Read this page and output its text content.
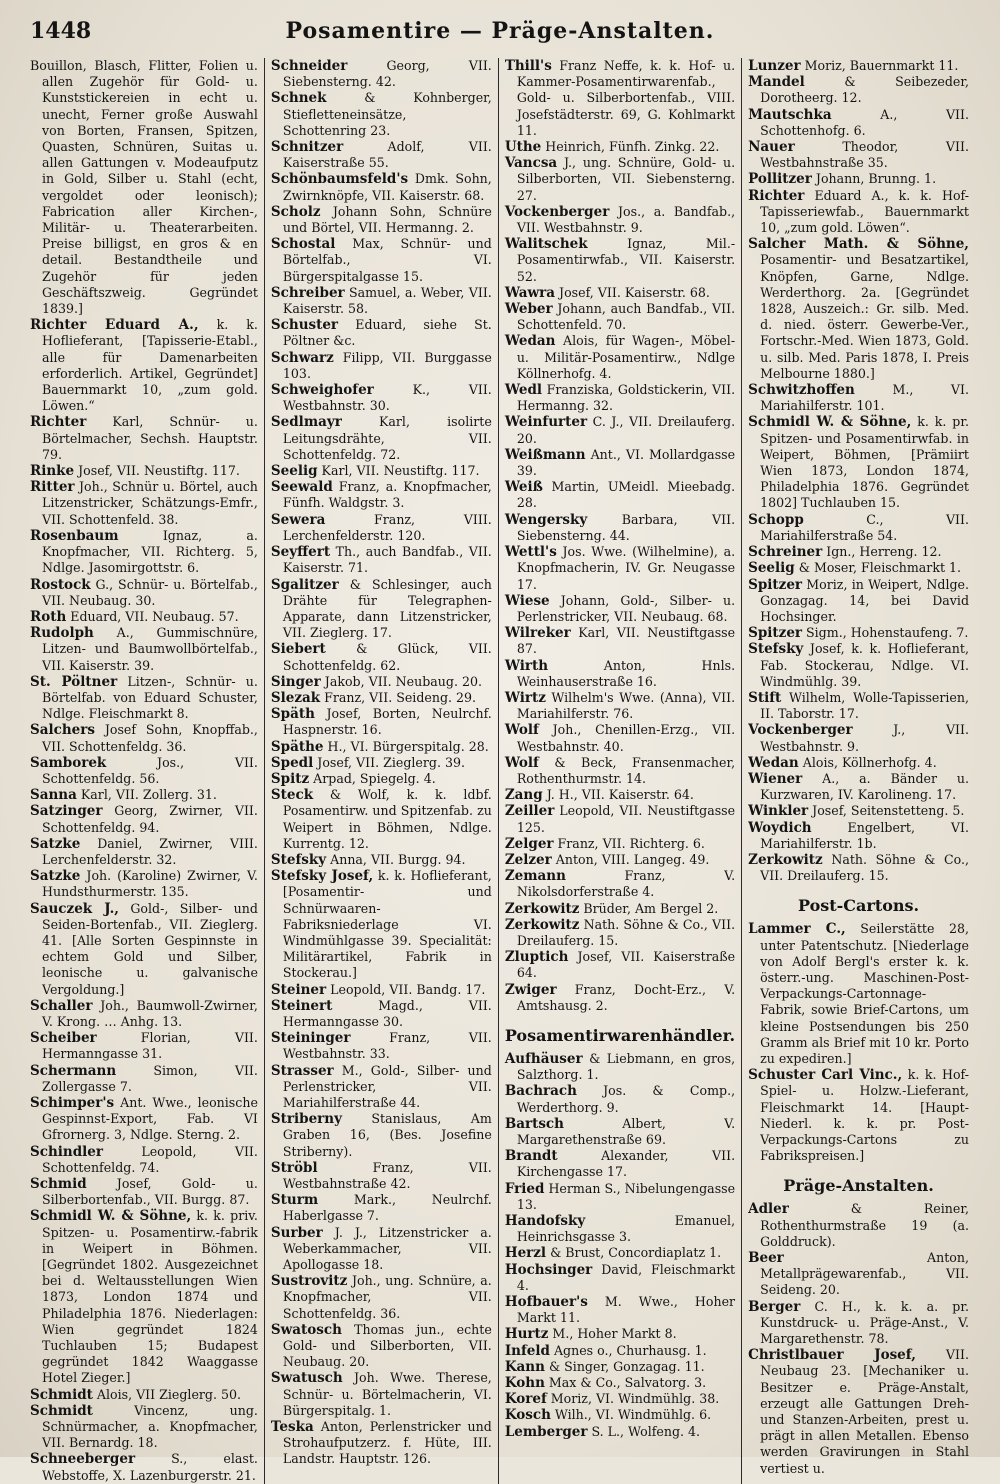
1448	Posamentire — Präge-Anstalten.

Bouillon, Blasch, Flitter, Folien u. allen Zugehör für Gold- u. Kunststickereien in echt u. unecht, Ferner große Auswahl von Borten, Fransen, Spitzen, Quasten, Schnüren, Suitas u. allen Gattungen v. Modeaufputz in Gold, Silber u. Stahl (echt, vergoldet oder leonisch); Fabrication aller Kirchen-, Militär- u. Theaterarbeiten. Preise billigst, en gros & en detail. Bestandtheile und Zugehör für jeden Geschäftszweig. Gegründet 1839.]

Richter Eduard A., k. k. Hoflieferant, [Tapisserie-Etabl., alle für Damenarbeiten erforderlich. Artikel, Gegründet] Bauernmarkt 10, „zum gold. Löwen.“

Richter Karl, Schnür- u. Börtelmacher, Sechsh. Hauptstr. 79.

Rinke Josef, VII. Neustiftg. 117.

Ritter Joh., Schnür u. Börtel, auch Litzenstricker, Schätzungs-Emfr., VII. Schottenfeld. 38.

Rosenbaum	Ignaz, a. Knopfmacher, VII. Richterg. 5, Ndlge. Jasomirgottstr. 6.

Rostock G., Schnür- u. Börtelfab., VII. Neubaug. 30.

Roth Eduard, VII. Neubaug. 57.

Rudolph A., Gummischnüre, Litzen- und Baumwollbörtelfab., VII. Kaiserstr. 39.

St. Pöltner Litzen-, Schnür- u. Börtelfab. von Eduard Schuster, Ndlge. Fleischmarkt 8.

Salchers Josef Sohn, Knopffab., VII. Schottenfeldg. 36.

Samborek	Jos., VII. Schottenfeldg. 56.

Sanna Karl, VII. Zollerg. 31.

Satzinger Georg, Zwirner, VII. Schottenfeldg. 94.

Satzke Daniel, Zwirner, VIII. Lerchenfelderstr. 32.

Satzke Joh. (Karoline) Zwirner, V. Hundsthurmerstr. 135.

Sauczek J., Gold-, Silber- und Seiden-Bortenfab., VII. Zieglerg. 41. [Alle Sorten Gespinnste in echtem Gold und Silber, leonische u. galvanische Vergoldung.]

Schaller Joh., Baumwoll-Zwirner, V. Krong. … Anhg. 13.

Scheiber	Florian, VII. Hermanngasse 31.

Schermann	Simon, VII. Zollergasse 7.

Schimper's Ant. Wwe., leonische Gespinnst-Export, Fab. VI Gfrornerg. 3, Ndlge. Sterng. 2.

Schindler	Leopold, VII. Schottenfeldg. 74.

Schmid Josef, Gold- u. Silberbortenfab., VII. Burgg. 87.

Schmidl W. & Söhne, k. k. priv. Spitzen- u. Posamentirw.-fabrik in Weipert in Böhmen. [Gegründet 1802. Ausgezeichnet bei d. Weltausstellungen Wien 1873, London 1874 und Philadelphia 1876. Niederlagen: Wien gegründet 1824 Tuchlauben 15; Budapest gegründet 1842 Waaggasse Hotel Zieger.]

Schmidt Alois, VII Zieglerg. 50.

Schmidt	Vincenz, ung. Schnürmacher, a. Knopfmacher, VII. Bernardg. 18.

Schneeberger	S., elast. Webstoffe, X. Lazenburgerstr. 21.

Schneider	Georg, VII. Siebensterng. 42.

Schnek	& Kohnberger, Stiefletteneinsätze, Schottenring 23.

Schnitzer	Adolf, VII. Kaiserstraße 55.

Schönbaumsfeld's Dmk. Sohn, Zwirnknöpfe, VII. Kaiserstr. 68.

Scholz Johann Sohn, Schnüre und Börtel, VII. Hermanng. 2.

Schostal Max, Schnür- und Börtelfab., VI. Bürgerspitalgasse 15.

Schreiber Samuel, a. Weber, VII. Kaiserstr. 58.

Schuster Eduard, siehe St. Pöltner &c.

Schwarz Filipp, VII. Burggasse 103.

Schweighofer	K., VII. Westbahnstr. 30.

Sedlmayr	Karl, isolirte Leitungsdrähte, VII. Schottenfeldg. 72.

Seelig Karl, VII. Neustiftg. 117.

Seewald Franz, a. Knopfmacher, Fünfh. Waldgstr. 3.

Sewera	Franz, VIII. Lerchenfelderstr. 120.

Seyffert Th., auch Bandfab., VII. Kaiserstr. 71.

Sgalitzer & Schlesinger, auch Drähte für Telegraphen-Apparate, dann Litzenstricker, VII. Zieglerg. 17.

Siebert & Glück, VII. Schottenfeldg. 62.

Singer Jakob, VII. Neubaug. 20.

Slezak Franz, VII. Seideng. 29.

Späth Josef, Borten, Neulrchf. Haspnerstr. 16.

Späthe H., VI. Bürgerspitalg. 28.

Spedl Josef, VII. Zieglerg. 39.

Spitz Arpad, Spiegelg. 4.

Steck & Wolf, k. k. ldbf. Posamentirw. und Spitzenfab. zu Weipert in Böhmen, Ndlge. Kurrentg. 12.

Stefsky Anna, VII. Burgg. 94.

Stefsky Josef, k. k. Hoflieferant, [Posamentir- und Schnürwaaren-Fabriksniederlage VI. Windmühlgasse 39. Specialität: Militärartikel, Fabrik in Stockerau.]

Steiner Leopold, VII. Bandg. 17.

Steinert	Magd., VII. Hermanngasse 30.

Steininger	Franz, VII. Westbahnstr. 33.

Strasser M., Gold-, Silber- und Perlenstricker, VII. Mariahilferstraße 44.

Striberny Stanislaus, Am Graben 16, (Bes. Josefine Striberny).

Ströbl	Franz, VII. Westbahnstraße 42.

Sturm	Mark., Neulrchf. Haberlgasse 7.

Surber J. J., Litzenstricker a. Weberkammacher, VII. Apollogasse 18.

Sustrovitz Joh., ung. Schnüre, a. Knopfmacher, VII. Schottenfeldg. 36.

Swatosch Thomas jun., echte Gold- und Silberborten, VII. Neubaug. 20.

Swatusch Joh. Wwe. Therese, Schnür- u. Börtelmacherin, VI. Bürgerspitalg. 1.

Teska Anton, Perlenstricker und Strohaufputzerz. f. Hüte, III. Landstr. Hauptstr. 126.

Thill's Franz Neffe, k. k. Hof- u. Kammer-Posamentirwarenfab., Gold- u. Silberbortenfab., VIII. Josefstädterstr. 69, G. Kohlmarkt 11.

Uthe Heinrich, Fünfh. Zinkg. 22.

Vancsa J., ung. Schnüre, Gold- u. Silberborten, VII. Siebensterng. 27.

Vockenberger Jos., a. Bandfab., VII. Westbahnstr. 9.

Walitschek	Ignaz, Mil.-Posamentirwfab., VII. Kaiserstr. 52.

Wawra Josef, VII. Kaiserstr. 68.

Weber Johann, auch Bandfab., VII. Schottenfeld. 70.

Wedan Alois, für Wagen-, Möbel- u. Militär-Posamentirw., Ndlge Köllnerhofg. 4.

Wedl Franziska, Goldstickerin, VII. Hermanng. 32.

Weinfurter C. J., VII. Dreilauferg. 20.

Weißmann Ant., VI. Mollardgasse 39.

Weiß Martin, UMeidl. Mieebadg. 28.

Wengersky	Barbara, VII. Siebensterng. 44.

Wettl's Jos. Wwe. (Wilhelmine), a. Knopfmacherin, IV. Gr. Neugasse 17.

Wiese Johann, Gold-, Silber- u. Perlenstricker, VII. Neubaug. 68.

Wilreker Karl, VII. Neustiftgasse 87.

Wirth	Anton, Hnls. Weinhauserstraße 16.

Wirtz Wilhelm's Wwe. (Anna), VII. Mariahilferstr. 76.

Wolf Joh., Chenillen-Erzg., VII. Westbahnstr. 40.

Wolf & Beck, Fransenmacher, Rothenthurmstr. 14.

Zang J. H., VII. Kaiserstr. 64.

Zeiller Leopold, VII. Neustiftgasse 125.

Zelger Franz, VII. Richterg. 6.

Zelzer Anton, VIII. Langeg. 49.

Zemann	Franz, V. Nikolsdorferstraße 4.

Zerkowitz Brüder, Am Bergel 2.

Zerkowitz Nath. Söhne & Co., VII. Dreilauferg. 15.

Zluptich Josef, VII. Kaiserstraße 64.

Zwiger Franz, Docht-Erz., V. Amtshausg. 2.

Posamentirwarenhändler.

Aufhäuser & Liebmann, en gros, Salzthorg. 1.

Bachrach Jos. & Comp., Werderthorg. 9.

Bartsch	Albert, V. Margarethenstraße 69.

Brandt	Alexander, VII. Kirchengasse 17.

Fried Herman S., Nibelungengasse 13.

Handofsky	Emanuel, Heinrichsgasse 3.

Herzl & Brust, Concordiaplatz 1.

Hochsinger David, Fleischmarkt 4.

Hofbauer's M. Wwe., Hoher Markt 11.

Hurtz M., Hoher Markt 8.

Infeld Agnes o., Churhausg. 1.

Kann & Singer, Gonzagag. 11.

Kohn Max & Co., Salvatorg. 3.

Koref Moriz, VI. Windmühlg. 38.

Kosch Wilh., VI. Windmühlg. 6.

Lemberger S. L., Wolfeng. 4.

Lunzer Moriz, Bauernmarkt 11.

Mandel	& Seibezeder, Dorotheerg. 12.

Mautschka	A., VII. Schottenhofg. 6.

Nauer	Theodor, VII. Westbahnstraße 35.

Pollitzer Johann, Brunng. 1.

Richter Eduard A., k. k. Hof-Tapisseriewfab., Bauernmarkt 10, „zum gold. Löwen“.

Salcher Math. & Söhne, Posamentir- und Besatzartikel, Knöpfen, Garne, Ndlge. Werderthorg. 2a. [Gegründet 1828, Auszeich.: Gr. silb. Med. d. nied. österr. Gewerbe-Ver., Fortschr.-Med. Wien 1873, Gold. u. silb. Med. Paris 1878, I. Preis Melbourne 1880.]

Schwitzhoffen	M., VI. Mariahilferstr. 101.

Schmidl W. & Söhne, k. k. pr. Spitzen- und Posamentirwfab. in Weipert, Böhmen, [Prämiirt Wien 1873, London 1874, Philadelphia 1876. Gegründet 1802] Tuchlauben 15.

Schopp	C., VII. Mariahilferstraße 54.

Schreiner Ign., Herreng. 12.

Seelig & Moser, Fleischmarkt 1.

Spitzer Moriz, in Weipert, Ndlge. Gonzagag. 14, bei David Hochsinger.

Spitzer Sigm., Hohenstaufeng. 7.

Stefsky Josef, k. k. Hoflieferant, Fab. Stockerau, Ndlge. VI. Windmühlg. 39.

Stift Wilhelm, Wolle-Tapisserien, II. Taborstr. 17.

Vockenberger	J., VII. Westbahnstr. 9.

Wedan Alois, Köllnerhofg. 4.

Wiener A., a. Bänder u. Kurzwaren, IV. Karolineng. 17.

Winkler Josef, Seitenstetteng. 5.

Woydich	Engelbert, VI. Mariahilferstr. 1b.

Zerkowitz Nath. Söhne & Co., VII. Dreilauferg. 15.

Post-Cartons.

Lammer C., Seilerstätte 28, unter Patentschutz. [Niederlage von Adolf Bergl's erster k. k. österr.-ung. Maschinen-Post-Verpackungs-Cartonnage-Fabrik, sowie Brief-Cartons, um kleine Postsendungen bis 250 Gramm als Brief mit 10 kr. Porto zu expediren.]

Schuster Carl Vinc., k. k. Hof-Spiel- u. Holzw.-Lieferant, Fleischmarkt 14. [Haupt-Niederl. k. k. pr. Post-Verpackungs-Cartons zu Fabrikspreisen.]

Präge-Anstalten.

Adler	& Reiner, Rothenthurmstraße 19 (a. Golddruck).

Beer	Anton, Metallprägewarenfab., VII. Seideng. 20.

Berger C. H., k. k. a. pr. Kunstdruck- u. Präge-Anst., V. Margarethenstr. 78.

Christlbauer Josef, VII. Neubaug 23. [Mechaniker u. Besitzer e. Präge-Anstalt, erzeugt alle Gattungen Dreh- und Stanzen-Arbeiten, prest u. prägt in allen Metallen. Ebenso werden Gravirungen in Stahl vertiest u.
